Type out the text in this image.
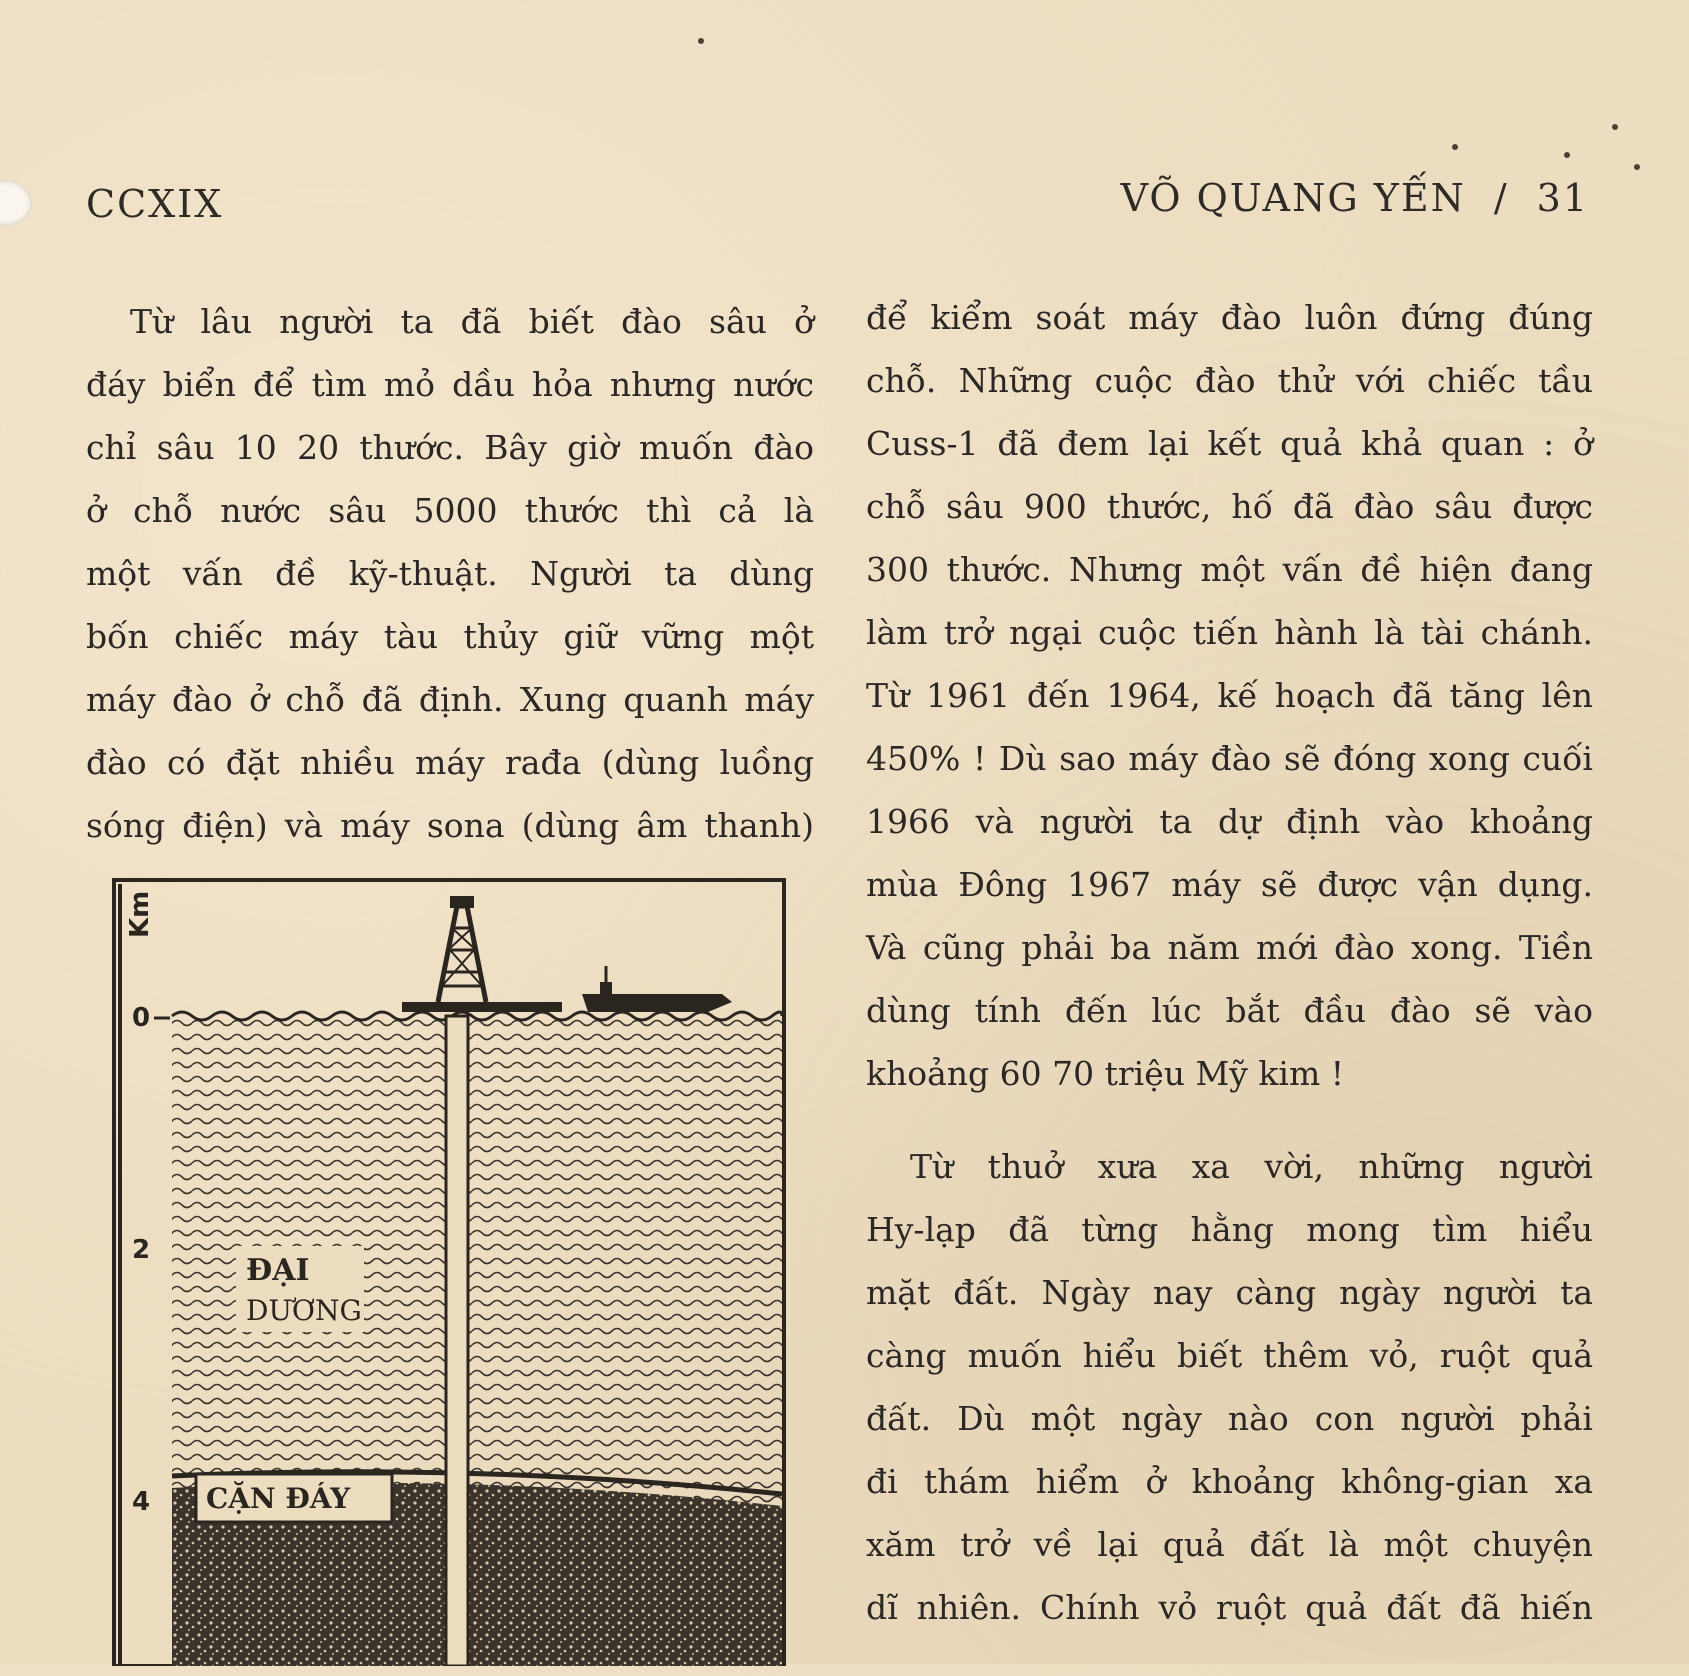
CCXIX	VÕ QUANG YẾN / 31
Từ lâu người ta đã biết đào sâu ở
đáy biển để tìm mỏ dầu hỏa nhưng nước
chỉ sâu 10 20 thước. Bây giờ muốn đào
ở chỗ nước sâu 5000 thước thì cả là
một vấn đề kỹ-thuật. Người ta dùng
bốn chiếc máy tàu thủy giữ vững một
máy đào ở chỗ đã định. Xung quanh máy
đào có đặt nhiều máy rađa (dùng luồng
sóng điện) và máy sona (dùng âm thanh)
để kiểm soát máy đào luôn đứng đúng
chỗ. Những cuộc đào thử với chiếc tầu
Cuss-1 đã đem lại kết quả khả quan : ở
chỗ sâu 900 thước, hố đã đào sâu được
300 thước. Nhưng một vấn đề hiện đang
làm trở ngại cuộc tiến hành là tài chánh.
Từ 1961 đến 1964, kế hoạch đã tăng lên
450% ! Dù sao máy đào sẽ đóng xong cuối
1966 và người ta dự định vào khoảng
mùa Đông 1967 máy sẽ được vận dụng.
Và cũng phải ba năm mới đào xong. Tiền
dùng tính đến lúc bắt đầu đào sẽ vào
khoảng 60 70 triệu Mỹ kim !
Từ thuở xưa xa vời, những người
Hy-lạp đã từng hằng mong tìm hiểu
mặt đất. Ngày nay càng ngày người ta
càng muốn hiểu biết thêm vỏ, ruột quả
đất. Dù một ngày nào con người phải
đi thám hiểm ở khoảng không-gian xa
xăm trở về lại quả đất là một chuyện
dĩ nhiên. Chính vỏ ruột quả đất đã hiến
Km
0
2
4
ĐẠI
DƯƠNG
CẶN ĐÁY
